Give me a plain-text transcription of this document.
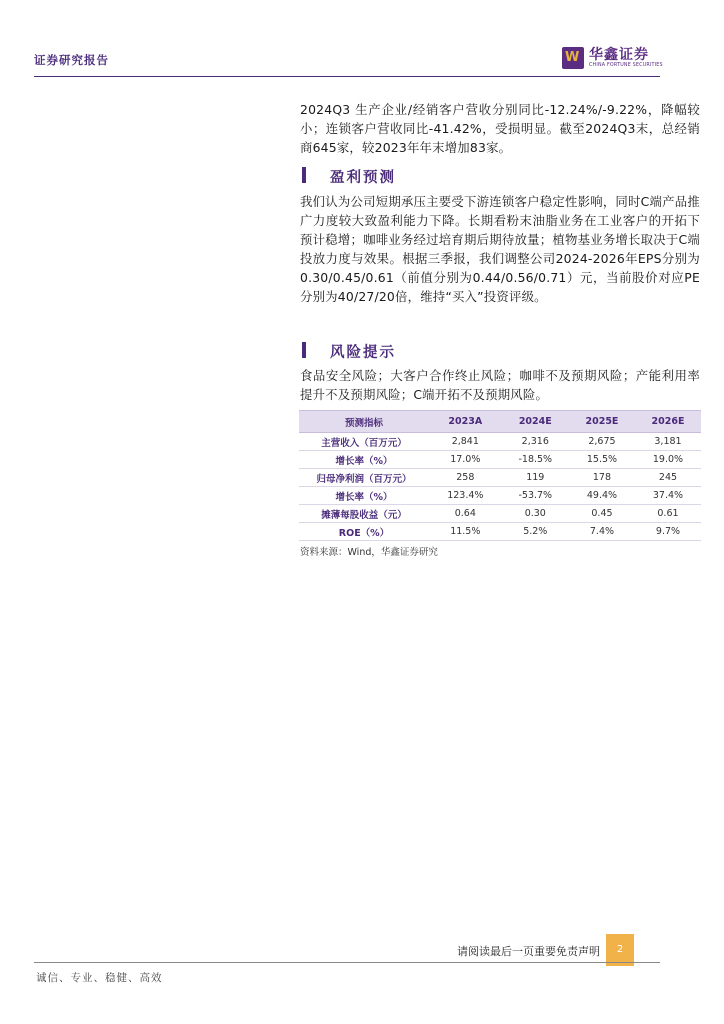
证券研究报告 W	华鑫证券
CHINA FORTUNE SECURITIES

2024Q3 生产企业/经销客户营收分别同比-12.24%/-9.22%，降幅较小；连锁客户营收同比-41.42%，受损明显。截至2024Q3末，总经销商645家，较2023年年末增加83家。

盈利预测

我们认为公司短期承压主要受下游连锁客户稳定性影响，同时C端产品推广力度较大致盈利能力下降。长期看粉末油脂业务在工业客户的开拓下预计稳增；咖啡业务经过培育期后期待放量；植物基业务增长取决于C端投放力度与效果。根据三季报，我们调整公司2024-2026年EPS分别为0.30/0.45/0.61（前值分别为0.44/0.56/0.71）元，当前股价对应PE分别为40/27/20倍，维持“买入”投资评级。

风险提示

食品安全风险；大客户合作终止风险；咖啡不及预期风险；产能利用率提升不及预期风险；C端开拓不及预期风险。

预测指标	2023A	2024E	2025E	2026E
主营收入（百万元）	2,841	2,316	2,675	3,181
增长率（%）	17.0%	-18.5%	15.5%	19.0%
归母净利润（百万元）	258	119	178	245
增长率（%）	123.4%	-53.7%	49.4%	37.4%
摊薄每股收益（元）	0.64	0.30	0.45	0.61
ROE（%）	11.5%	5.2%	7.4%	9.7%
资料来源：Wind，华鑫证券研究
请阅读最后一页重要免责声明	2
诚信、专业、稳健、高效
